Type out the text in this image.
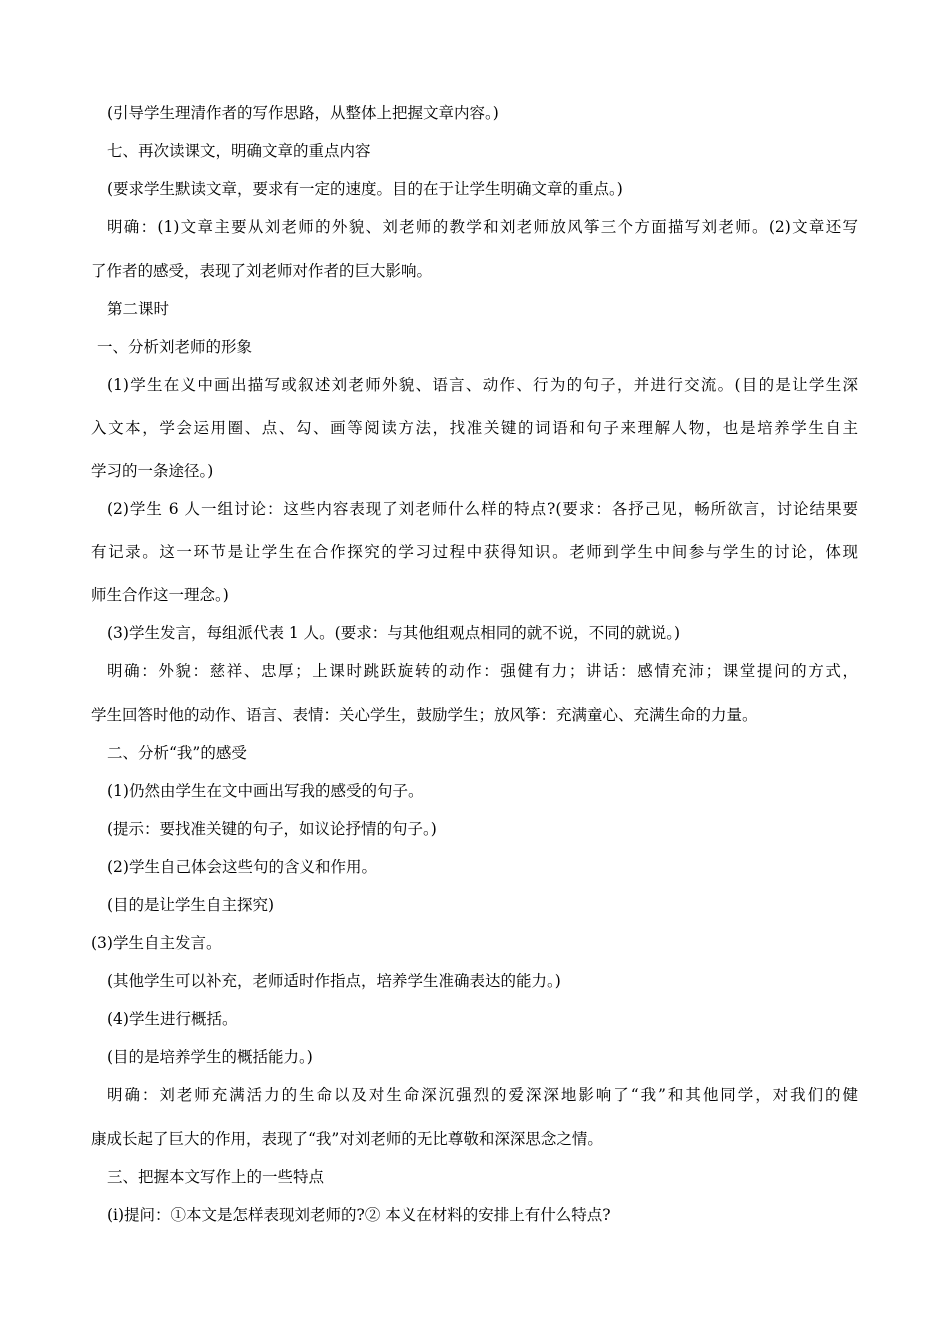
(引导学生理清作者的写作思路，从整体上把握文章内容。)
七、再次读课文，明确文章的重点内容
(要求学生默读文章，要求有一定的速度。目的在于让学生明确文章的重点。)
明确：(1)文章主要从刘老师的外貌、刘老师的教学和刘老师放风筝三个方面描写刘老师。(2)文章还写
了作者的感受，表现了刘老师对作者的巨大影响。
第二课时
一、分析刘老师的形象
(1)学生在义中画出描写或叙述刘老师外貌、语言、动作、行为的句子，并进行交流。(目的是让学生深
入文本，学会运用圈、点、勾、画等阅读方法，找准关键的词语和句子来理解人物，也是培养学生自主
学习的一条途径。)
(2)学生 6 人一组讨论：这些内容表现了刘老师什么样的特点?(要求：各抒己见，畅所欲言，讨论结果要
有记录。这一环节是让学生在合作探究的学习过程中获得知识。老师到学生中间参与学生的讨论，体现
师生合作这一理念。)
(3)学生发言，每组派代表 1 人。(要求：与其他组观点相同的就不说，不同的就说。)
明确：外貌：慈祥、忠厚；上课时跳跃旋转的动作：强健有力；讲话：感情充沛；课堂提问的方式，
学生回答时他的动作、语言、表情：关心学生，鼓励学生；放风筝：充满童心、充满生命的力量。
二、分析“我”的感受
(1)仍然由学生在文中画出写我的感受的句子。
(提示：要找准关键的句子，如议论抒情的句子。)
(2)学生自己体会这些句的含义和作用。
(目的是让学生自主探究)
(3)学生自主发言。
(其他学生可以补充，老师适时作指点，培养学生准确表达的能力。)
(4)学生进行概括。
(目的是培养学生的概括能力。)
明确：刘老师充满活力的生命以及对生命深沉强烈的爱深深地影响了“我”和其他同学，对我们的健
康成长起了巨大的作用，表现了“我”对刘老师的无比尊敬和深深思念之情。
三、把握本文写作上的一些特点
(i)提问：①本文是怎样表现刘老师的?② 本义在材料的安排上有什么特点?
